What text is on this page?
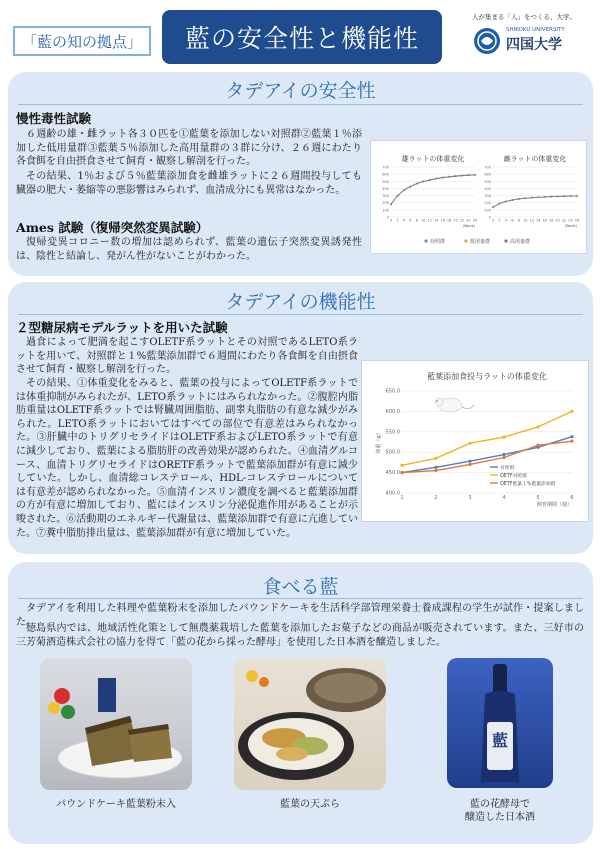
「藍の知の拠点」	藍の安全性と機能性
人が集まる「人」をつくる、大学。
SHIKOKU UNIVERSITY
四国大学
タデアイの安全性
慢性毒性試験
６週齢の雄・雌ラット各３０匹を①藍葉を添加しない対照群②藍葉１％添加した低用量群③藍葉５％添加した高用量群の３群に分け、２６週にわたり各食餌を自由摂食させて飼育・観察し解剖を行った。
その結果、1％および５％藍葉添加食を雌雄ラットに２６週間投与しても臓器の肥大・萎縮等の悪影響はみられず、血清成分にも異常はなかった。
Ames 試験（復帰突然変異試験）
復帰変異コロニー数の増加は認められず、藍葉の遺伝子突然変異誘発性は、陰性と結論し、発がん性がないことがわかった。
雄ラットの体重変化
0
100
200
300
400
500
600
700
0 2 4 6 8 10 12 14 16 18 20 22 24 26
(Week)
雌ラットの体重変化
0
100
200
300
400
500
600
700
0 2 4 6 8 10 12 14 16 18 20 22 24 26
(Week)
対照群	低用量群	高用量群
タデアイの機能性
２型糖尿病モデルラットを用いた試験
過食によって肥満を起こすOLETF系ラットとその対照であるLETO系ラットを用いて、対照群と１%藍葉添加群で６週間にわたり各食餌を自由摂食させて飼育・観察し解剖を行った。
その結果、①体重変化をみると、藍葉の投与によってOLETF系ラットでは体重抑制がみられたが、LETO系ラットにはみられなかった。②腹腔内脂肪重量はOLETF系ラットでは腎臓周囲脂肪、副睾丸脂肪の有意な減少がみられた。LETO系ラットにおいてはすべての部位で有意差はみられなかった。③肝臓中のトリグリセライドはOLETF系およびLETO系ラットで有意に減少しており、藍葉による脂肪肝の改善効果が認められた。④血清グルコース、血清トリグリセライドはORETF系ラットで藍葉添加群が有意に減少していた。しかし、血清総コレステロール、HDL-コレステロールについては有意差が認められなかった。⑤血清インスリン濃度を調べると藍葉添加群の方が有意に増加しており、藍にはインスリン分泌促進作用があることが示唆された。⑥活動期のエネルギー代謝量は、藍葉添加群で有意に亢進していた。⑦糞中脂肪排出量は、藍葉添加群が有意に増加していた。
藍葉添加食投与ラットの体重変化
400.0
450.0
500.0
550.0
600.0
650.0
1	2	3	4	5	6
飼育期間（週）
体重（g）
対照群
OETF対照群
OETF藍葉１%藍葉添加群
食べる藍
タデアイを利用した料理や藍葉粉末を添加したパウンドケーキを生活科学部管理栄養士養成課程の学生が試作・提案しました。
徳島県内では、地域活性化策として無農薬栽培した藍葉を添加したお菓子などの商品が販売されています。また、三好市の三芳菊酒造株式会社の協力を得て「藍の花から採った酵母」を使用した日本酒を醸造しました。
パウンドケーキ藍葉粉末入	藍葉の天ぷら
藍
藍の花酵母で
醸造した日本酒
